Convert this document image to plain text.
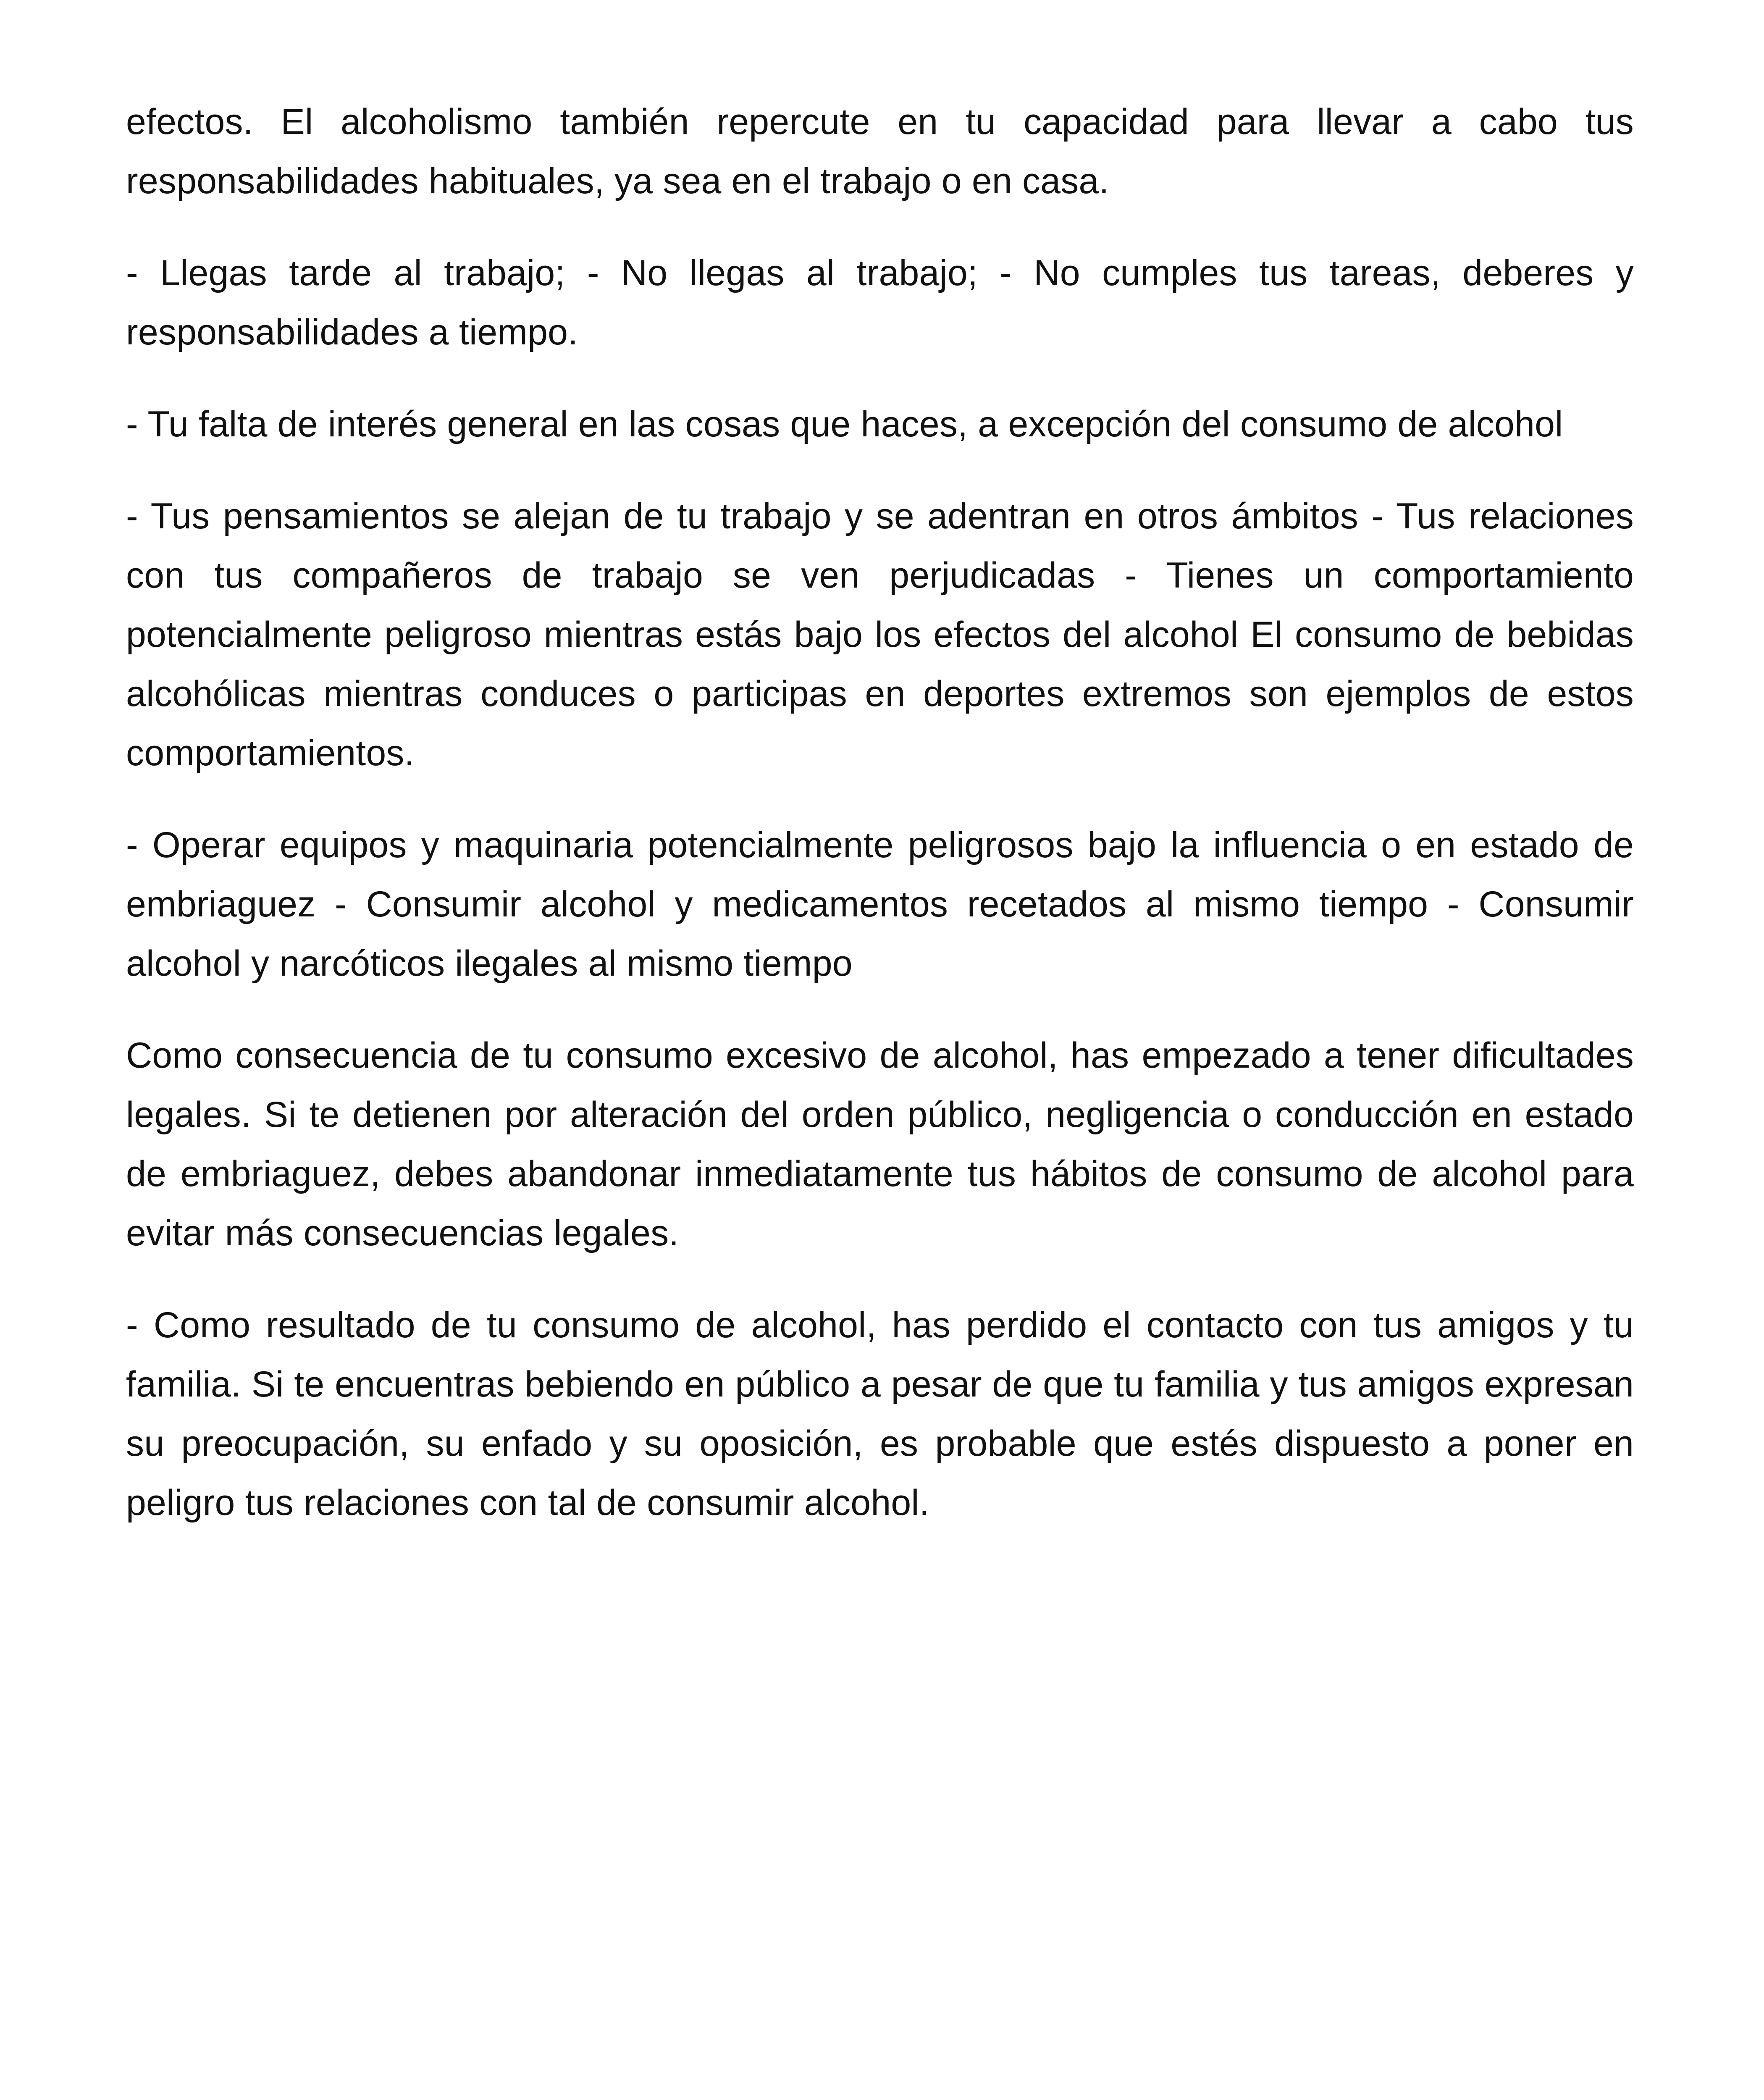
efectos. El alcoholismo también repercute en tu capacidad para llevar a cabo tus responsabilidades habituales, ya sea en el trabajo o en casa.

- Llegas tarde al trabajo; - No llegas al trabajo; - No cumples tus tareas, deberes y responsabilidades a tiempo.

- Tu falta de interés general en las cosas que haces, a excepción del consumo de alcohol

- Tus pensamientos se alejan de tu trabajo y se adentran en otros ámbitos - Tus relaciones con tus compañeros de trabajo se ven perjudicadas - Tienes un comportamiento potencialmente peligroso mientras estás bajo los efectos del alcohol El consumo de bebidas alcohólicas mientras conduces o participas en deportes extremos son ejemplos de estos comportamientos.

- Operar equipos y maquinaria potencialmente peligrosos bajo la influencia o en estado de embriaguez - Consumir alcohol y medicamentos recetados al mismo tiempo - Consumir alcohol y narcóticos ilegales al mismo tiempo

Como consecuencia de tu consumo excesivo de alcohol, has empezado a tener dificultades legales. Si te detienen por alteración del orden público, negligencia o conducción en estado de embriaguez, debes abandonar inmediatamente tus hábitos de consumo de alcohol para evitar más consecuencias legales.

- Como resultado de tu consumo de alcohol, has perdido el contacto con tus amigos y tu familia. Si te encuentras bebiendo en público a pesar de que tu familia y tus amigos expresan su preocupación, su enfado y su oposición, es probable que estés dispuesto a poner en peligro tus relaciones con tal de consumir alcohol.
